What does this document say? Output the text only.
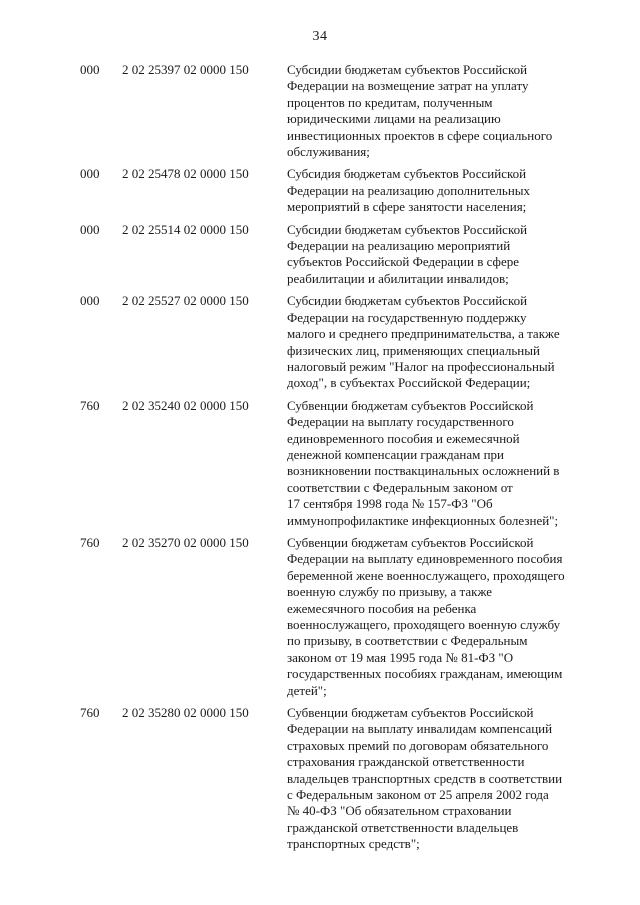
34
000	2 02 25397 02 0000 150	Субсидии бюджетам субъектов Российской
Федерации на возмещение затрат на уплату
процентов по кредитам, полученным
юридическими лицами на реализацию
инвестиционных проектов в сфере социального
обслуживания;
000	2 02 25478 02 0000 150	Субсидия бюджетам субъектов Российской
Федерации на реализацию дополнительных
мероприятий в сфере занятости населения;
000	2 02 25514 02 0000 150	Субсидии бюджетам субъектов Российской
Федерации на реализацию мероприятий
субъектов Российской Федерации в сфере
реабилитации и абилитации инвалидов;
000	2 02 25527 02 0000 150	Субсидии бюджетам субъектов Российской
Федерации на государственную поддержку
малого и среднего предпринимательства, а также
физических лиц, применяющих специальный
налоговый режим "Налог на профессиональный
доход", в субъектах Российской Федерации;
760	2 02 35240 02 0000 150	Субвенции бюджетам субъектов Российской
Федерации на выплату государственного
единовременного пособия и ежемесячной
денежной компенсации гражданам при
возникновении поствакцинальных осложнений в
соответствии с Федеральным законом от
17 сентября 1998 года № 157-ФЗ "Об
иммунопрофилактике инфекционных болезней";
760	2 02 35270 02 0000 150	Субвенции бюджетам субъектов Российской
Федерации на выплату единовременного пособия
беременной жене военнослужащего, проходящего
военную службу по призыву, а также
ежемесячного пособия на ребенка
военнослужащего, проходящего военную службу
по призыву, в соответствии с Федеральным
законом от 19 мая 1995 года № 81-ФЗ "О
государственных пособиях гражданам, имеющим
детей";
760	2 02 35280 02 0000 150	Субвенции бюджетам субъектов Российской
Федерации на выплату инвалидам компенсаций
страховых премий по договорам обязательного
страхования гражданской ответственности
владельцев транспортных средств в соответствии
с Федеральным законом от 25 апреля 2002 года
№ 40-ФЗ "Об обязательном страховании
гражданской ответственности владельцев
транспортных средств";
